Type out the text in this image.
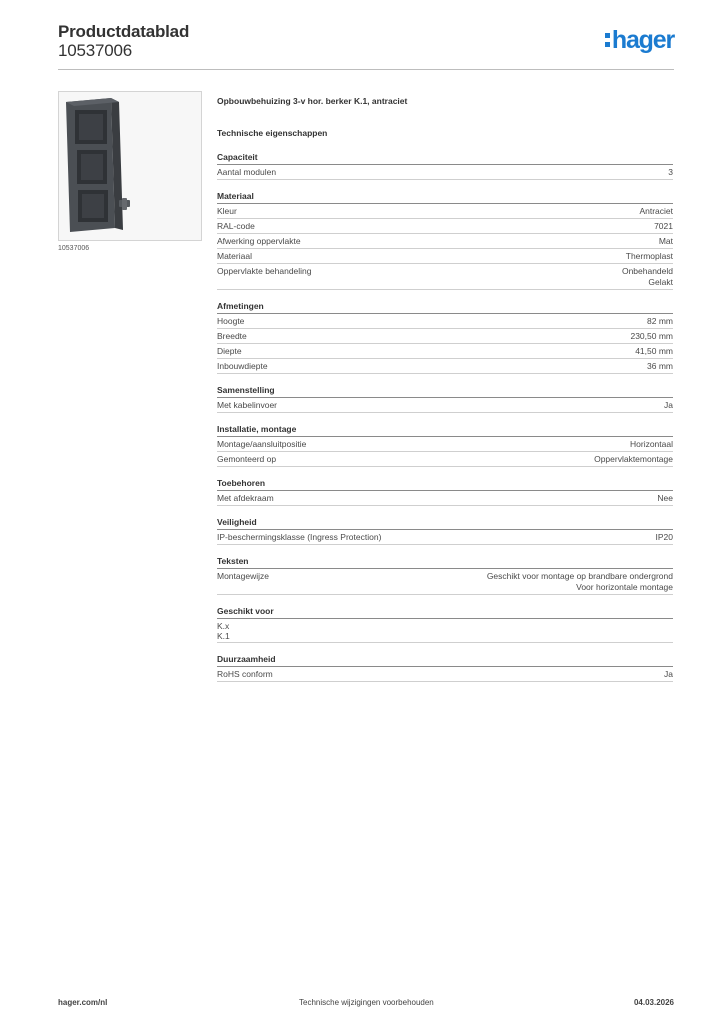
Productdatablad
10537006	hager
10537006
Opbouwbehuizing 3-v hor. berker K.1, antraciet
Technische eigenschappen
Capaciteit
Aantal modulen	3
Materiaal
Kleur	Antraciet
RAL-code	7021
Afwerking oppervlakte	Mat
Materiaal	Thermoplast
Oppervlakte behandeling	Onbehandeld
Gelakt
Afmetingen
Hoogte	82 mm
Breedte	230,50 mm
Diepte	41,50 mm
Inbouwdiepte	36 mm
Samenstelling
Met kabelinvoer	Ja
Installatie, montage
Montage/aansluitpositie	Horizontaal
Gemonteerd op	Oppervlaktemontage
Toebehoren
Met afdekraam	Nee
Veiligheid
IP-beschermingsklasse (Ingress Protection)	IP20
Teksten
Montagewijze	Geschikt voor montage op brandbare ondergrond
Voor horizontale montage
Geschikt voor
K.x
K.1
Duurzaamheid
RoHS conform	Ja
hager.com/nl	Technische wijzigingen voorbehouden	04.03.2026
